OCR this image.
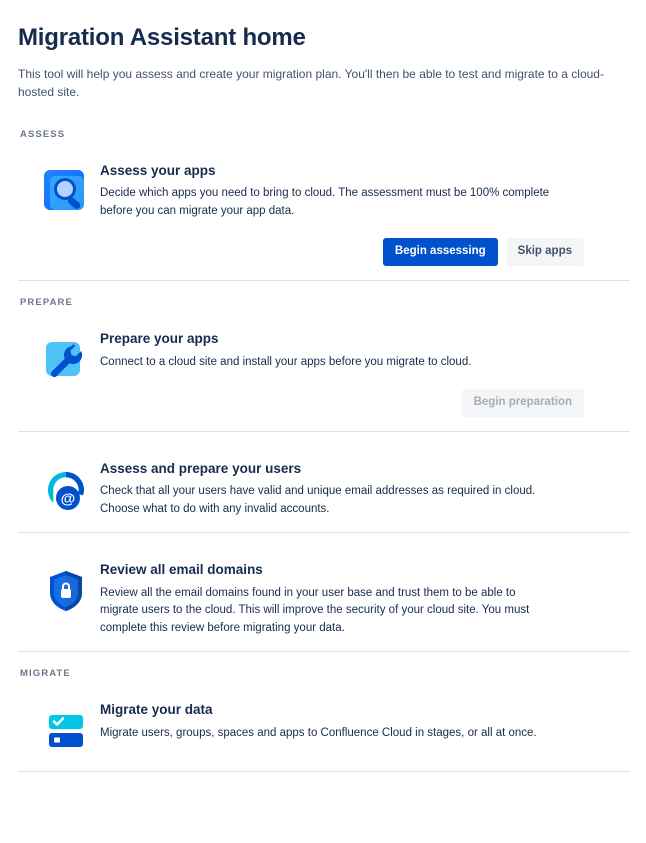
Migration Assistant home

This tool will help you assess and create your migration plan. You'll then be able to test and migrate to a cloud-hosted site.

ASSESS
Assess your apps

Decide which apps you need to bring to cloud. The assessment must be 100% complete before you can migrate your app data.

Begin assessing	Skip apps
PREPARE
Prepare your apps

Connect to a cloud site and install your apps before you migrate to cloud.

Begin preparation
@
Assess and prepare your users

Check that all your users have valid and unique email addresses as required in cloud. Choose what to do with any invalid accounts.

Review all email domains

Review all the email domains found in your user base and trust them to be able to migrate users to the cloud. This will improve the security of your cloud site. You must complete this review before migrating your data.

MIGRATE
Migrate your data

Migrate users, groups, spaces and apps to Confluence Cloud in stages, or all at once.
